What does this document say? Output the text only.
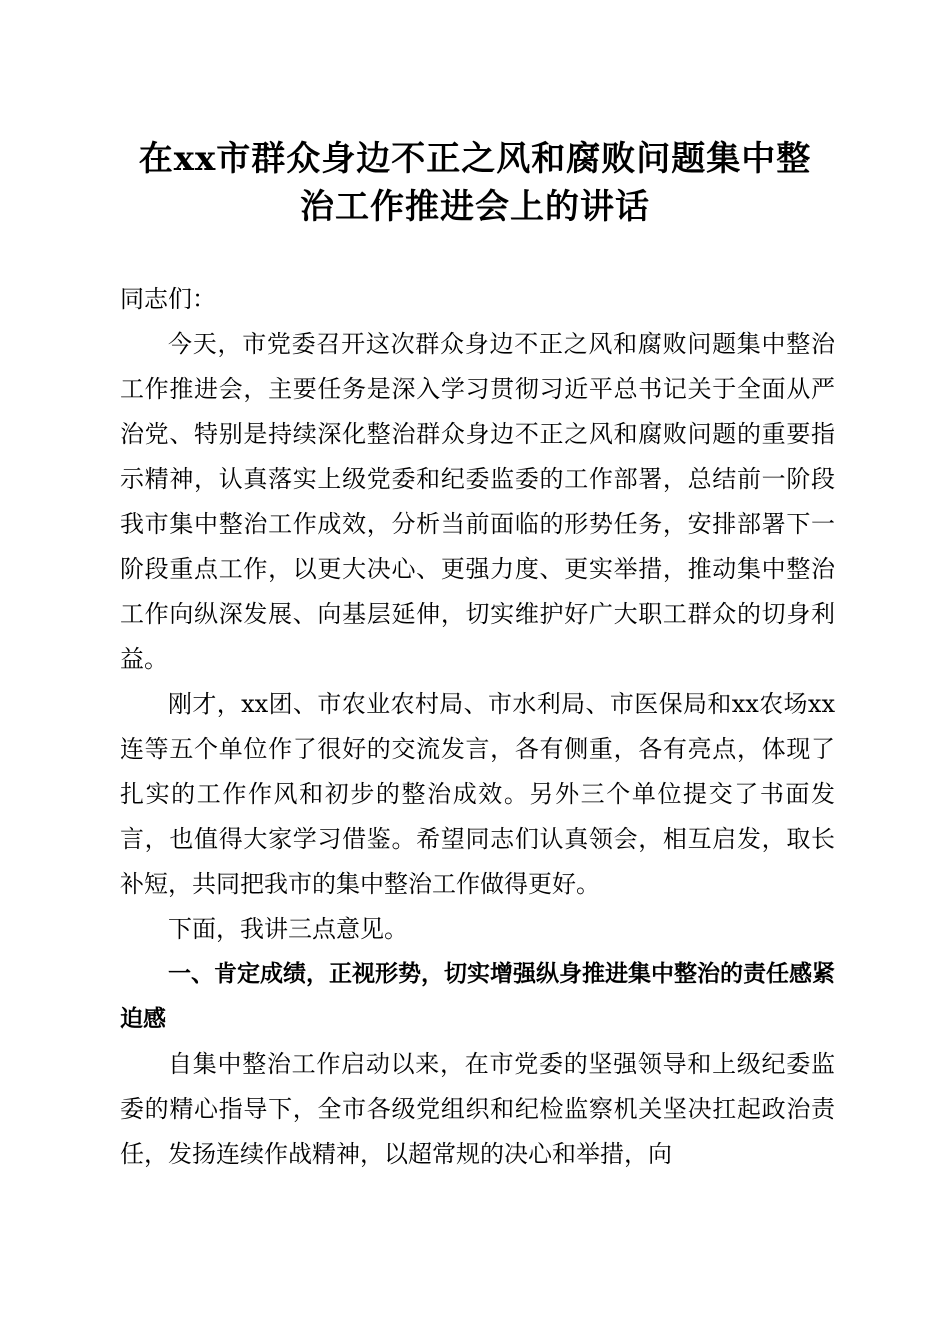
在xx市群众身边不正之风和腐败问题集中整
治工作推进会上的讲话

同志们：

今天，市党委召开这次群众身边不正之风和腐败问题集中整治工作推进会，主要任务是深入学习贯彻习近平总书记关于全面从严治党、特别是持续深化整治群众身边不正之风和腐败问题的重要指示精神，认真落实上级党委和纪委监委的工作部署，总结前一阶段我市集中整治工作成效，分析当前面临的形势任务，安排部署下一阶段重点工作，以更大决心、更强力度、更实举措，推动集中整治工作向纵深发展、向基层延伸，切实维护好广大职工群众的切身利益。

刚才，xx团、市农业农村局、市水利局、市医保局和xx农场xx连等五个单位作了很好的交流发言，各有侧重，各有亮点，体现了扎实的工作作风和初步的整治成效。另外三个单位提交了书面发言，也值得大家学习借鉴。希望同志们认真领会，相互启发，取长补短，共同把我市的集中整治工作做得更好。

下面，我讲三点意见。

一、肯定成绩，正视形势，切实增强纵身推进集中整治的责任感紧迫感

自集中整治工作启动以来，在市党委的坚强领导和上级纪委监委的精心指导下，全市各级党组织和纪检监察机关坚决扛起政治责任，发扬连续作战精神，以超常规的决心和举措，向
